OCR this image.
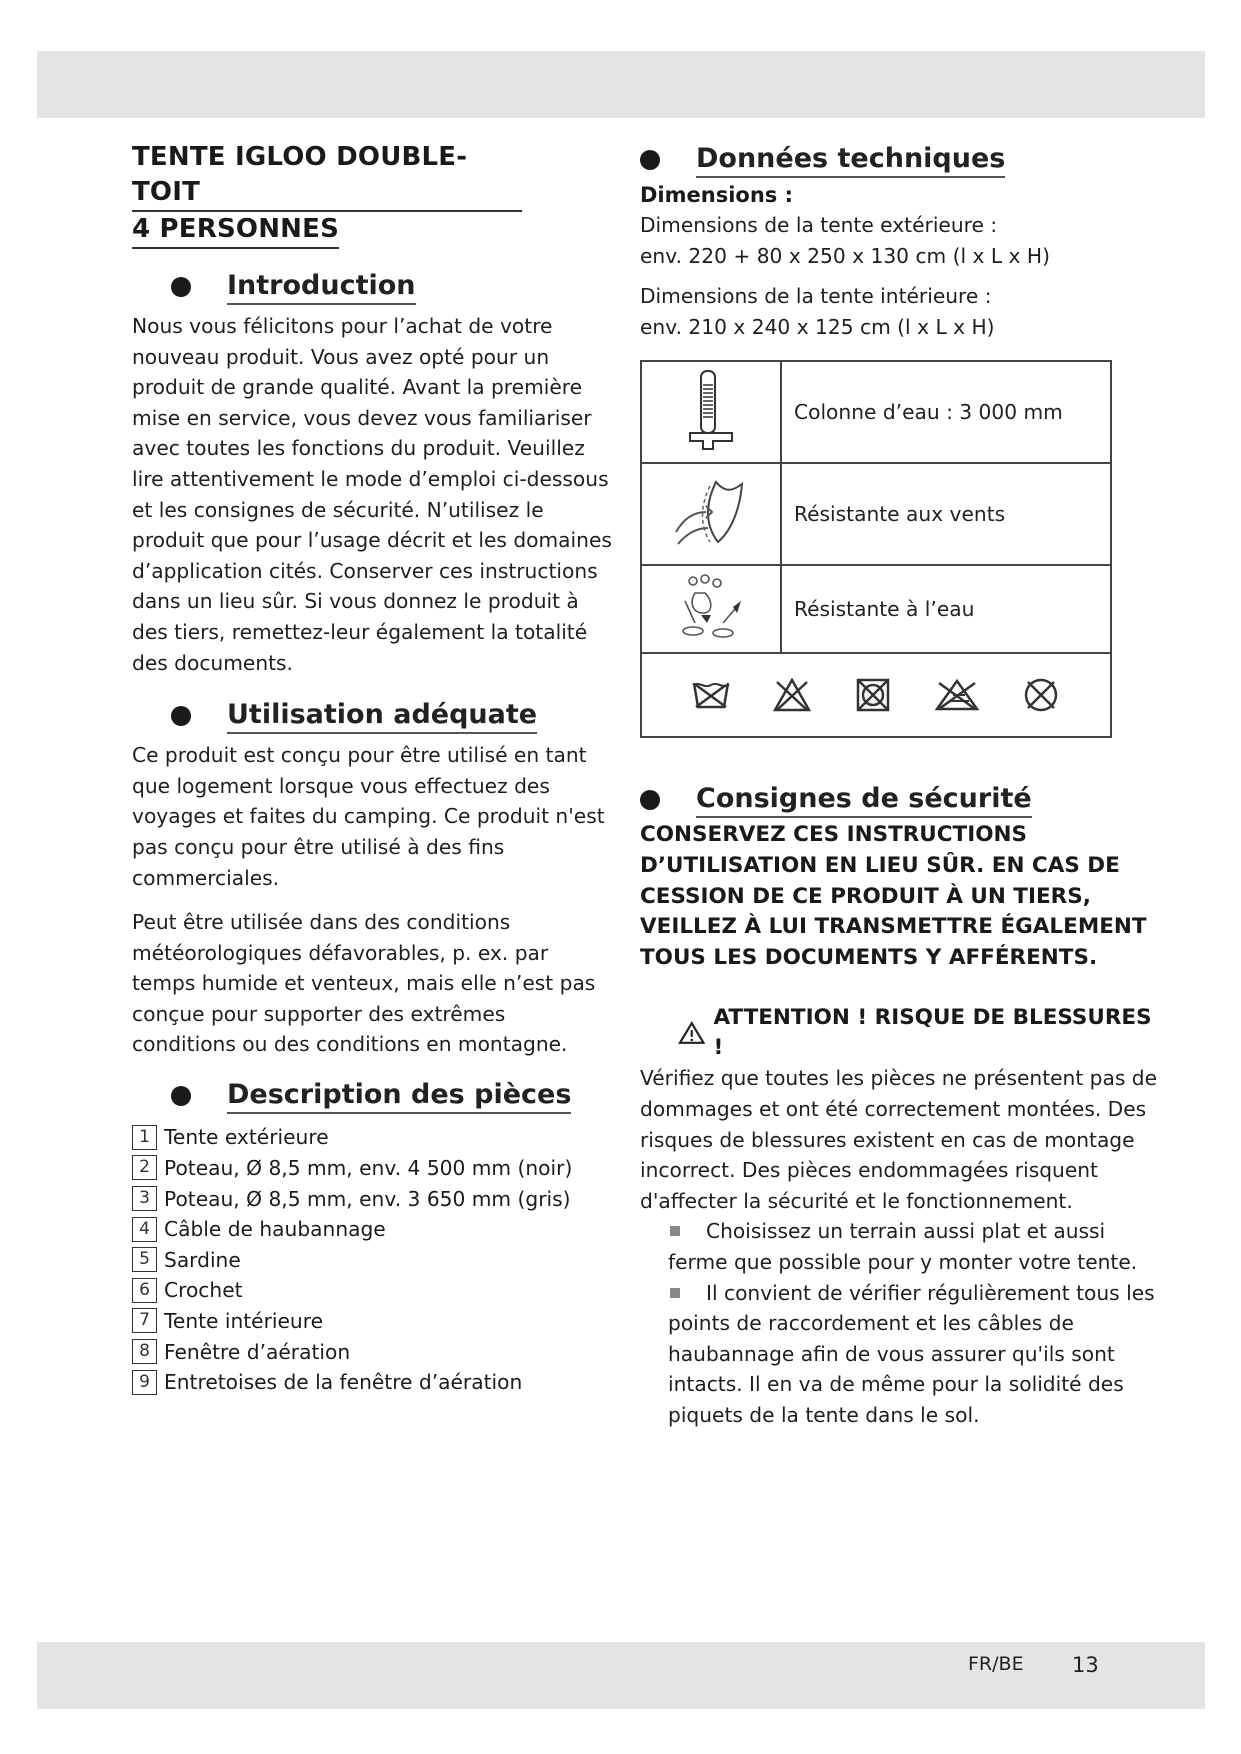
TENTE IGLOO DOUBLE-TOIT
4 PERSONNES
Introduction

Nous vous félicitons pour l’achat de votre nouveau produit. Vous avez opté pour un produit de grande qualité. Avant la première mise en service, vous devez vous familiariser avec toutes les fonctions du produit. Veuillez lire attentivement le mode d’emploi ci-dessous et les consignes de sécurité. N’utilisez le produit que pour l’usage décrit et les domaines d’application cités. Conserver ces instructions dans un lieu sûr. Si vous donnez le produit à des tiers, remettez-leur également la totalité des documents.

Utilisation adéquate

Ce produit est conçu pour être utilisé en tant que logement lorsque vous effectuez des voyages et faites du camping. Ce produit n'est pas conçu pour être utilisé à des fins commerciales.

Peut être utilisée dans des conditions météorologiques défavorables, p. ex. par temps humide et venteux, mais elle n’est pas conçue pour supporter des extrêmes conditions ou des conditions en montagne.

Description des pièces
1 Tente extérieure
2 Poteau, Ø 8,5 mm, env. 4 500 mm (noir)
3 Poteau, Ø 8,5 mm, env. 3 650 mm (gris)
4 Câble de haubannage
5 Sardine
6 Crochet
7 Tente intérieure
8 Fenêtre d’aération
9 Entretoises de la fenêtre d’aération
Données techniques
Dimensions :

Dimensions de la tente extérieure :

env. 220 + 80 x 250 x 130 cm (l x L x H)

Dimensions de la tente intérieure :

env. 210 x 240 x 125 cm (l x L x H)

	Colonne d’eau : 3 000 mm
	Résistante aux vents
	Résistante à l’eau

Consignes de sécurité
CONSERVEZ CES INSTRUCTIONS D’UTILISATION EN LIEU SÛR. EN CAS DE CESSION DE CE PRODUIT À UN TIERS, VEILLEZ À LUI TRANSMETTRE ÉGALEMENT TOUS LES DOCUMENTS Y AFFÉRENTS.
ATTENTION ! RISQUE DE BLESSURES !

Vérifiez que toutes les pièces ne présentent pas de dommages et ont été correctement montées. Des risques de blessures existent en cas de montage incorrect. Des pièces endommagées risquent d'affecter la sécurité et le fonctionnement.

Choisissez un terrain aussi plat et aussi ferme que possible pour y monter votre tente.

Il convient de vérifier régulièrement tous les points de raccordement et les câbles de haubannage afin de vous assurer qu'ils sont intacts. Il en va de même pour la solidité des piquets de la tente dans le sol.

FR/BE 13
